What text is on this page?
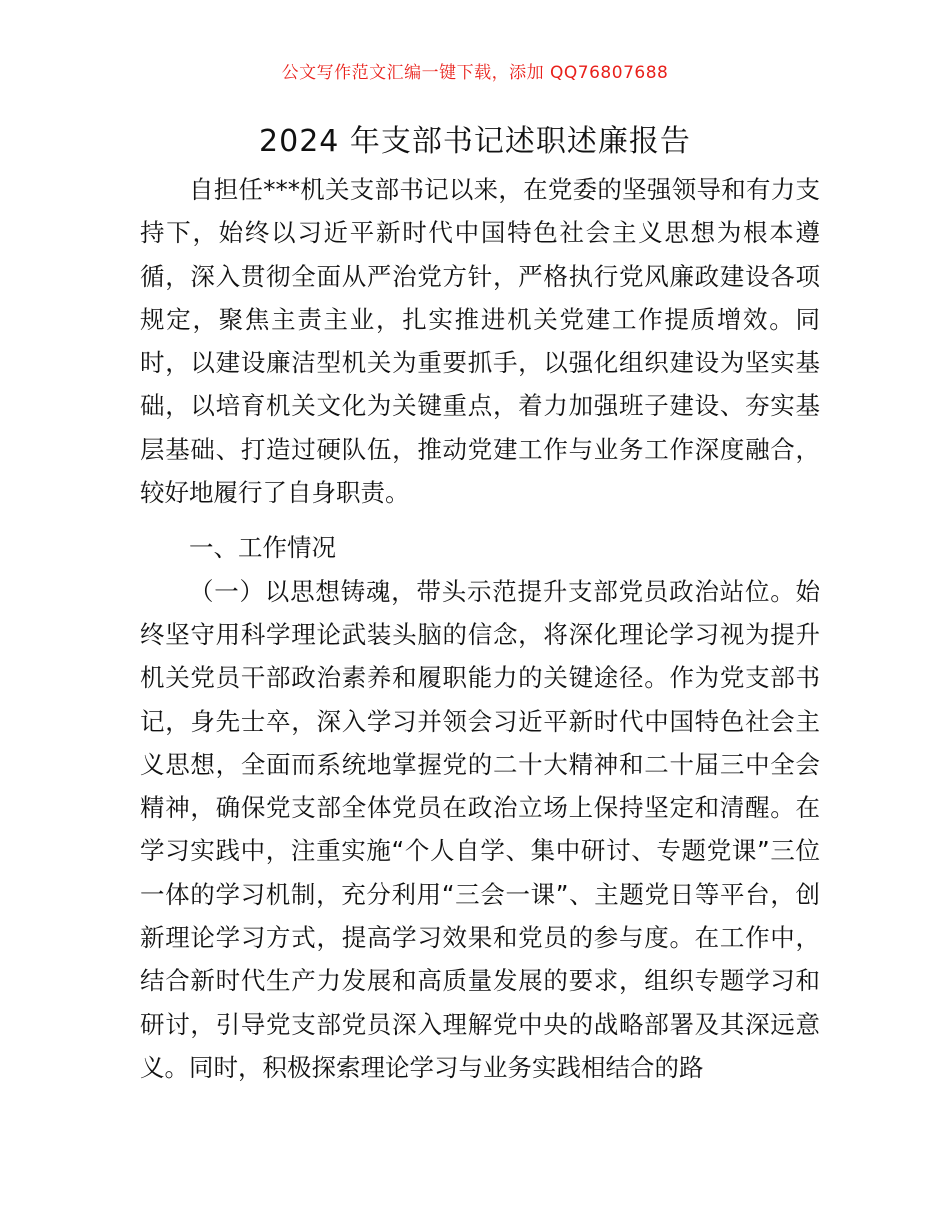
公文写作范文汇编一键下载，添加 QQ76807688
2024 年支部书记述职述廉报告

自担任***机关支部书记以来，在党委的坚强领导和有力支持下，始终以习近平新时代中国特色社会主义思想为根本遵循，深入贯彻全面从严治党方针，严格执行党风廉政建设各项规定，聚焦主责主业，扎实推进机关党建工作提质增效。同时，以建设廉洁型机关为重要抓手，以强化组织建设为坚实基础，以培育机关文化为关键重点，着力加强班子建设、夯实基层基础、打造过硬队伍，推动党建工作与业务工作深度融合，较好地履行了自身职责。

一、工作情况

（一）以思想铸魂，带头示范提升支部党员政治站位。始终坚守用科学理论武装头脑的信念，将深化理论学习视为提升机关党员干部政治素养和履职能力的关键途径。作为党支部书记，身先士卒，深入学习并领会习近平新时代中国特色社会主义思想，全面而系统地掌握党的二十大精神和二十届三中全会精神，确保党支部全体党员在政治立场上保持坚定和清醒。在学习实践中，注重实施“个人自学、集中研讨、专题党课”三位一体的学习机制，充分利用“三会一课”、主题党日等平台，创新理论学习方式，提高学习效果和党员的参与度。在工作中，结合新时代生产力发展和高质量发展的要求，组织专题学习和研讨，引导党支部党员深入理解党中央的战略部署及其深远意义。同时，积极探索理论学习与业务实践相结合的路
